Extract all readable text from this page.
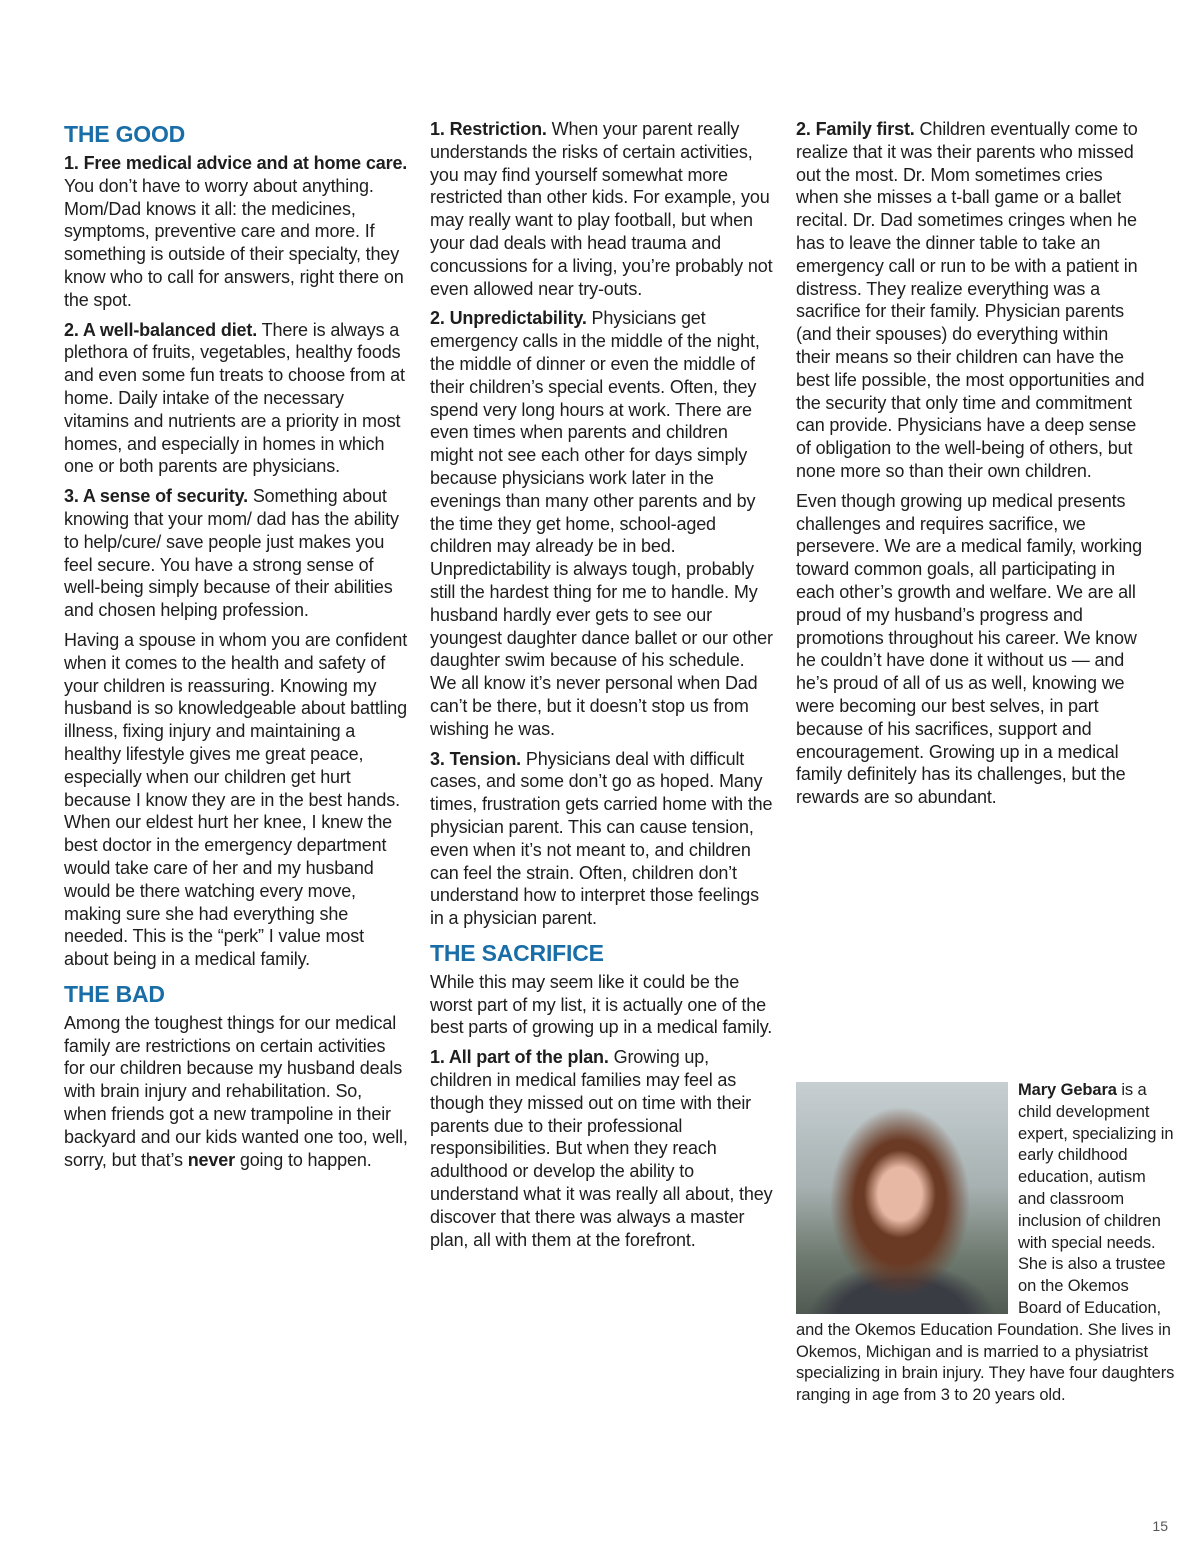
THE GOOD

1. Free medical advice and at home care. You don’t have to worry about anything. Mom/Dad knows it all: the medicines, symptoms, preventive care and more. If something is outside of their specialty, they know who to call for answers, right there on the spot.

2. A well-balanced diet. There is always a plethora of fruits, vegetables, healthy foods and even some fun treats to choose from at home. Daily intake of the necessary vitamins and nutrients are a priority in most homes, and especially in homes in which one or both parents are physicians.

3. A sense of security. Something about knowing that your mom/ dad has the ability to help/cure/ save people just makes you feel secure. You have a strong sense of well-being simply because of their abilities and chosen helping profession.

Having a spouse in whom you are confident when it comes to the health and safety of your children is reassuring. Knowing my husband is so knowledgeable about battling illness, fixing injury and maintaining a healthy lifestyle gives me great peace, especially when our children get hurt because I know they are in the best hands. When our eldest hurt her knee, I knew the best doctor in the emergency department would take care of her and my husband would be there watching every move, making sure she had everything she needed. This is the “perk” I value most about being in a medical family.

THE BAD

Among the toughest things for our medical family are restrictions on certain activities for our children because my husband deals with brain injury and rehabilitation. So, when friends got a new trampoline in their backyard and our kids wanted one too, well, sorry, but that’s never going to happen.

1. Restriction. When your parent really understands the risks of certain activities, you may find yourself somewhat more restricted than other kids. For example, you may really want to play football, but when your dad deals with head trauma and concussions for a living, you’re probably not even allowed near try-outs.

2. Unpredictability. Physicians get emergency calls in the middle of the night, the middle of dinner or even the middle of their children’s special events. Often, they spend very long hours at work. There are even times when parents and children might not see each other for days simply because physicians work later in the evenings than many other parents and by the time they get home, school-aged children may already be in bed. Unpredictability is always tough, probably still the hardest thing for me to handle. My husband hardly ever gets to see our youngest daughter dance ballet or our other daughter swim because of his schedule. We all know it’s never personal when Dad can’t be there, but it doesn’t stop us from wishing he was.

3. Tension. Physicians deal with difficult cases, and some don’t go as hoped. Many times, frustration gets carried home with the physician parent. This can cause tension, even when it’s not meant to, and children can feel the strain. Often, children don’t understand how to interpret those feelings in a physician parent.

THE SACRIFICE

While this may seem like it could be the worst part of my list, it is actually one of the best parts of growing up in a medical family.

1. All part of the plan. Growing up, children in medical families may feel as though they missed out on time with their parents due to their professional responsibilities. But when they reach adulthood or develop the ability to understand what it was really all about, they discover that there was always a master plan, all with them at the forefront.

2. Family first. Children eventually come to realize that it was their parents who missed out the most. Dr. Mom sometimes cries when she misses a t-ball game or a ballet recital. Dr. Dad sometimes cringes when he has to leave the dinner table to take an emergency call or run to be with a patient in distress. They realize everything was a sacrifice for their family. Physician parents (and their spouses) do everything within their means so their children can have the best life possible, the most opportunities and the security that only time and commitment can provide. Physicians have a deep sense of obligation to the well-being of others, but none more so than their own children.

Even though growing up medical presents challenges and requires sacrifice, we persevere. We are a medical family, working toward common goals, all participating in each other’s growth and welfare. We are all proud of my husband’s progress and promotions throughout his career. We know he couldn’t have done it without us — and he’s proud of all of us as well, knowing we were becoming our best selves, in part because of his sacrifices, support and encouragement. Growing up in a medical family definitely has its challenges, but the rewards are so abundant.

Mary Gebara is a child development expert, specializing in early childhood education, autism and classroom inclusion of children with special needs. She is also a trustee on the Okemos Board of Education, and the Okemos Education Foundation. She lives in Okemos, Michigan and is married to a physiatrist specializing in brain injury. They have four daughters ranging in age from 3 to 20 years old.

15
